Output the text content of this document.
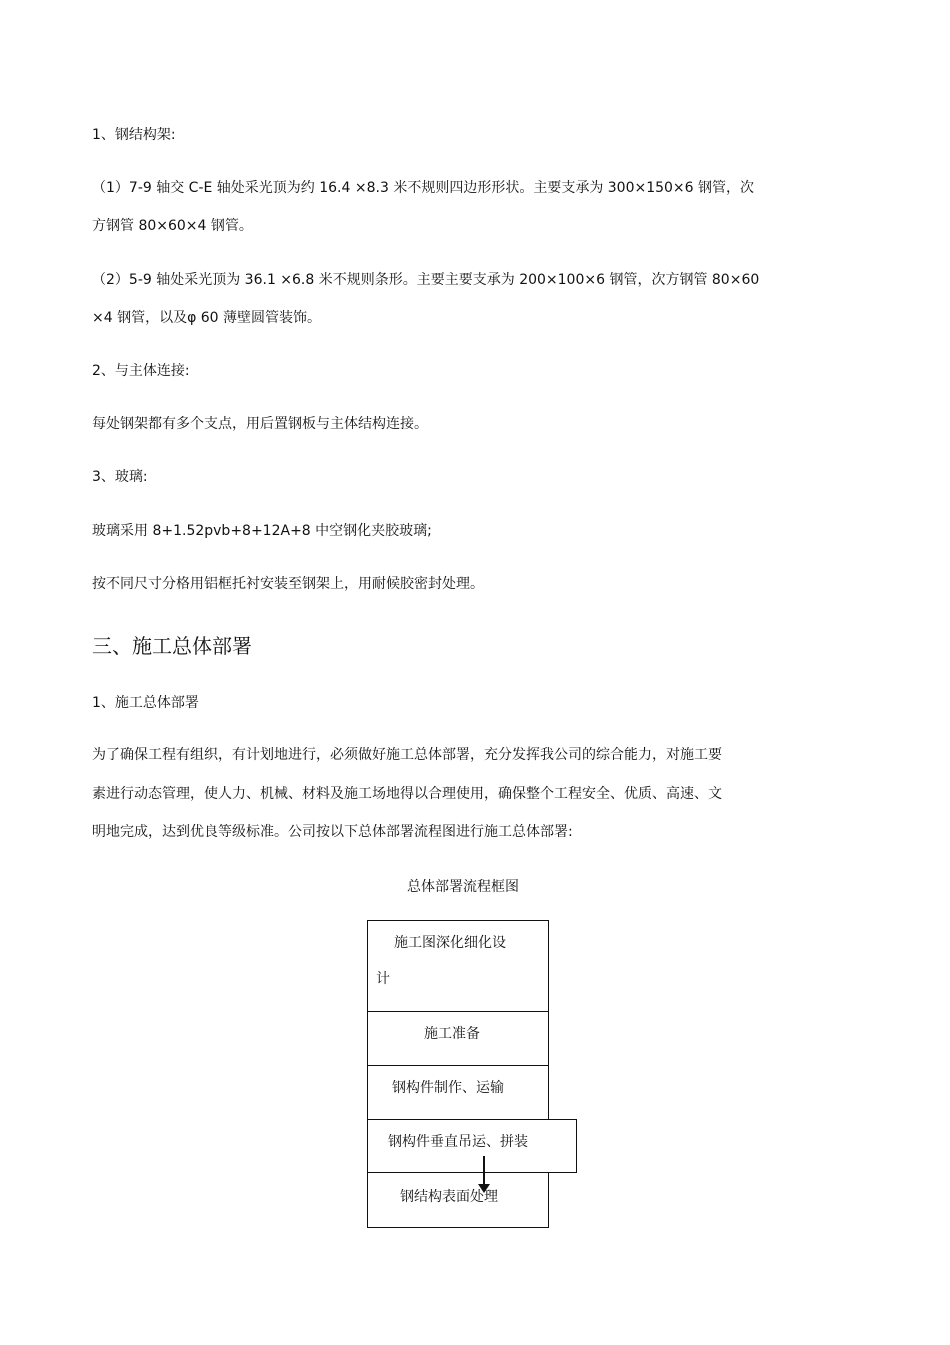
1、钢结构架:
（1）7-9 轴交 C-E 轴处采光顶为约 16.4 ×8.3 米不规则四边形形状。主要支承为 300×150×6 钢管，次
方钢管 80×60×4 钢管。
（2）5-9 轴处采光顶为 36.1 ×6.8 米不规则条形。主要主要支承为 200×100×6 钢管，次方钢管 80×60
×4 钢管，以及φ 60 薄壁圆管装饰。
2、与主体连接:
每处钢架都有多个支点，用后置钢板与主体结构连接。
3、玻璃:
玻璃采用 8+1.52pvb+8+12A+8 中空钢化夹胶玻璃;
按不同尺寸分格用铝框托衬安装至钢架上，用耐候胶密封处理。
三、施工总体部署
1、施工总体部署
为了确保工程有组织，有计划地进行，必须做好施工总体部署，充分发挥我公司的综合能力，对施工要
素进行动态管理，使人力、机械、材料及施工场地得以合理使用，确保整个工程安全、优质、高速、文
明地完成，达到优良等级标准。公司按以下总体部署流程图进行施工总体部署:
总体部署流程框图
施工图深化细化设
计
施工准备
钢构件制作、运输
钢结构表面处理
钢构件垂直吊运、拼装
